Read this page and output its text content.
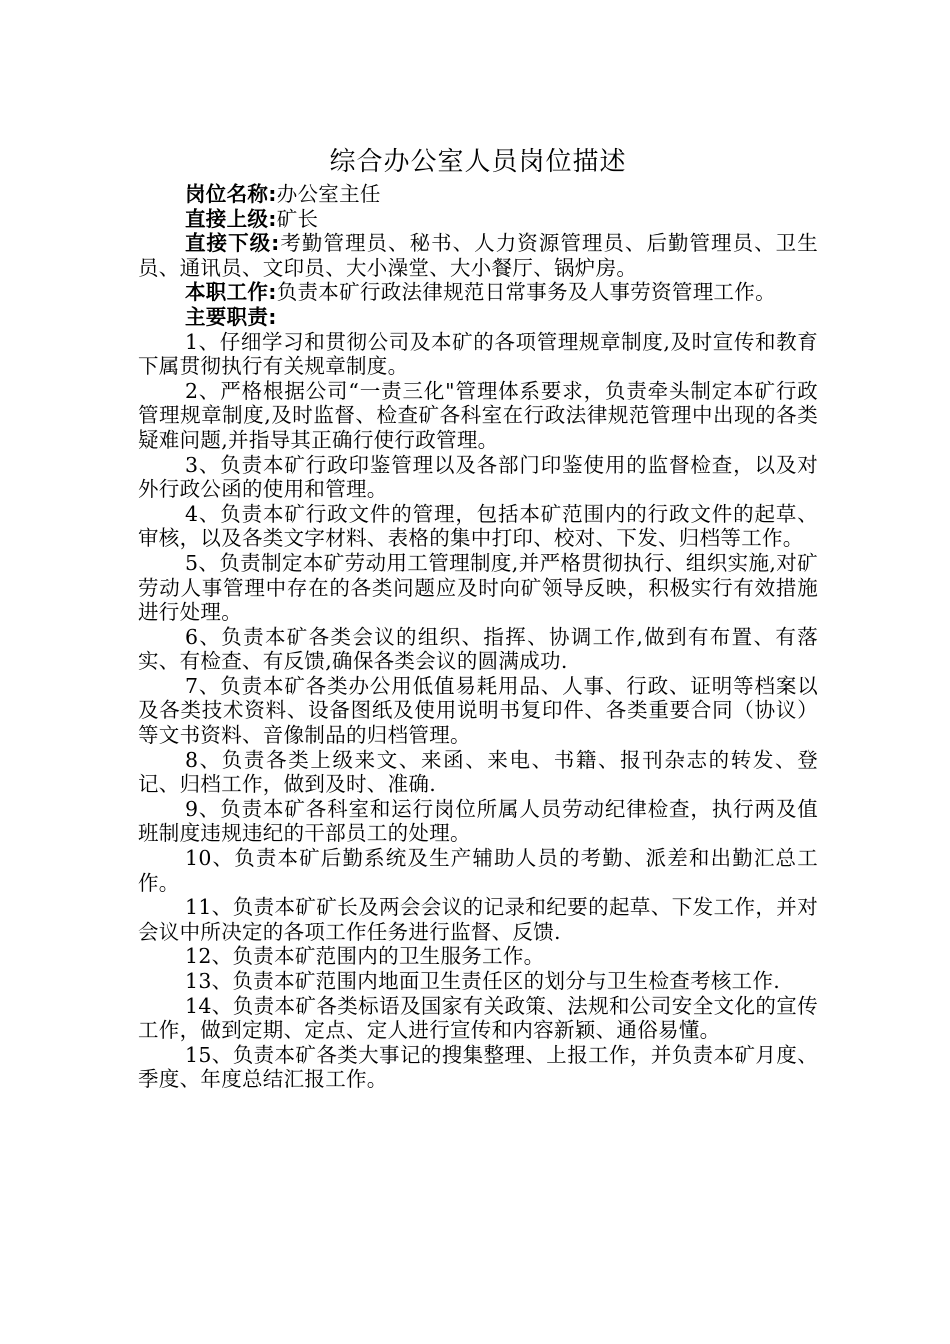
综合办公室人员岗位描述

岗位名称:办公室主任

直接上级:矿长

直接下级:考勤管理员、秘书、人力资源管理员、后勤管理员、卫生员、通讯员、文印员、大小澡堂、大小餐厅、锅炉房。

本职工作:负责本矿行政法律规范日常事务及人事劳资管理工作。

主要职责:

1、仔细学习和贯彻公司及本矿的各项管理规章制度,及时宣传和教育下属贯彻执行有关规章制度。

2、严格根据公司“一责三化"管理体系要求，负责牵头制定本矿行政管理规章制度,及时监督、检查矿各科室在行政法律规范管理中出现的各类疑难问题,并指导其正确行使行政管理。

3、负责本矿行政印鉴管理以及各部门印鉴使用的监督检查，以及对外行政公函的使用和管理。

4、负责本矿行政文件的管理，包括本矿范围内的行政文件的起草、审核，以及各类文字材料、表格的集中打印、校对、下发、归档等工作。

5、负责制定本矿劳动用工管理制度,并严格贯彻执行、组织实施,对矿劳动人事管理中存在的各类问题应及时向矿领导反映，积极实行有效措施进行处理。

6、负责本矿各类会议的组织、指挥、协调工作,做到有布置、有落实、有检查、有反馈,确保各类会议的圆满成功.

7、负责本矿各类办公用低值易耗用品、人事、行政、证明等档案以及各类技术资料、设备图纸及使用说明书复印件、各类重要合同（协议）等文书资料、音像制品的归档管理。

8、负责各类上级来文、来函、来电、书籍、报刊杂志的转发、登记、归档工作，做到及时、准确.

9、负责本矿各科室和运行岗位所属人员劳动纪律检查，执行两及值班制度违规违纪的干部员工的处理。

10、负责本矿后勤系统及生产辅助人员的考勤、派差和出勤汇总工作。

11、负责本矿矿长及两会会议的记录和纪要的起草、下发工作，并对会议中所决定的各项工作任务进行监督、反馈.

12、负责本矿范围内的卫生服务工作。

13、负责本矿范围内地面卫生责任区的划分与卫生检查考核工作.

14、负责本矿各类标语及国家有关政策、法规和公司安全文化的宣传工作，做到定期、定点、定人进行宣传和内容新颖、通俗易懂。

15、负责本矿各类大事记的搜集整理、上报工作，并负责本矿月度、季度、年度总结汇报工作。
